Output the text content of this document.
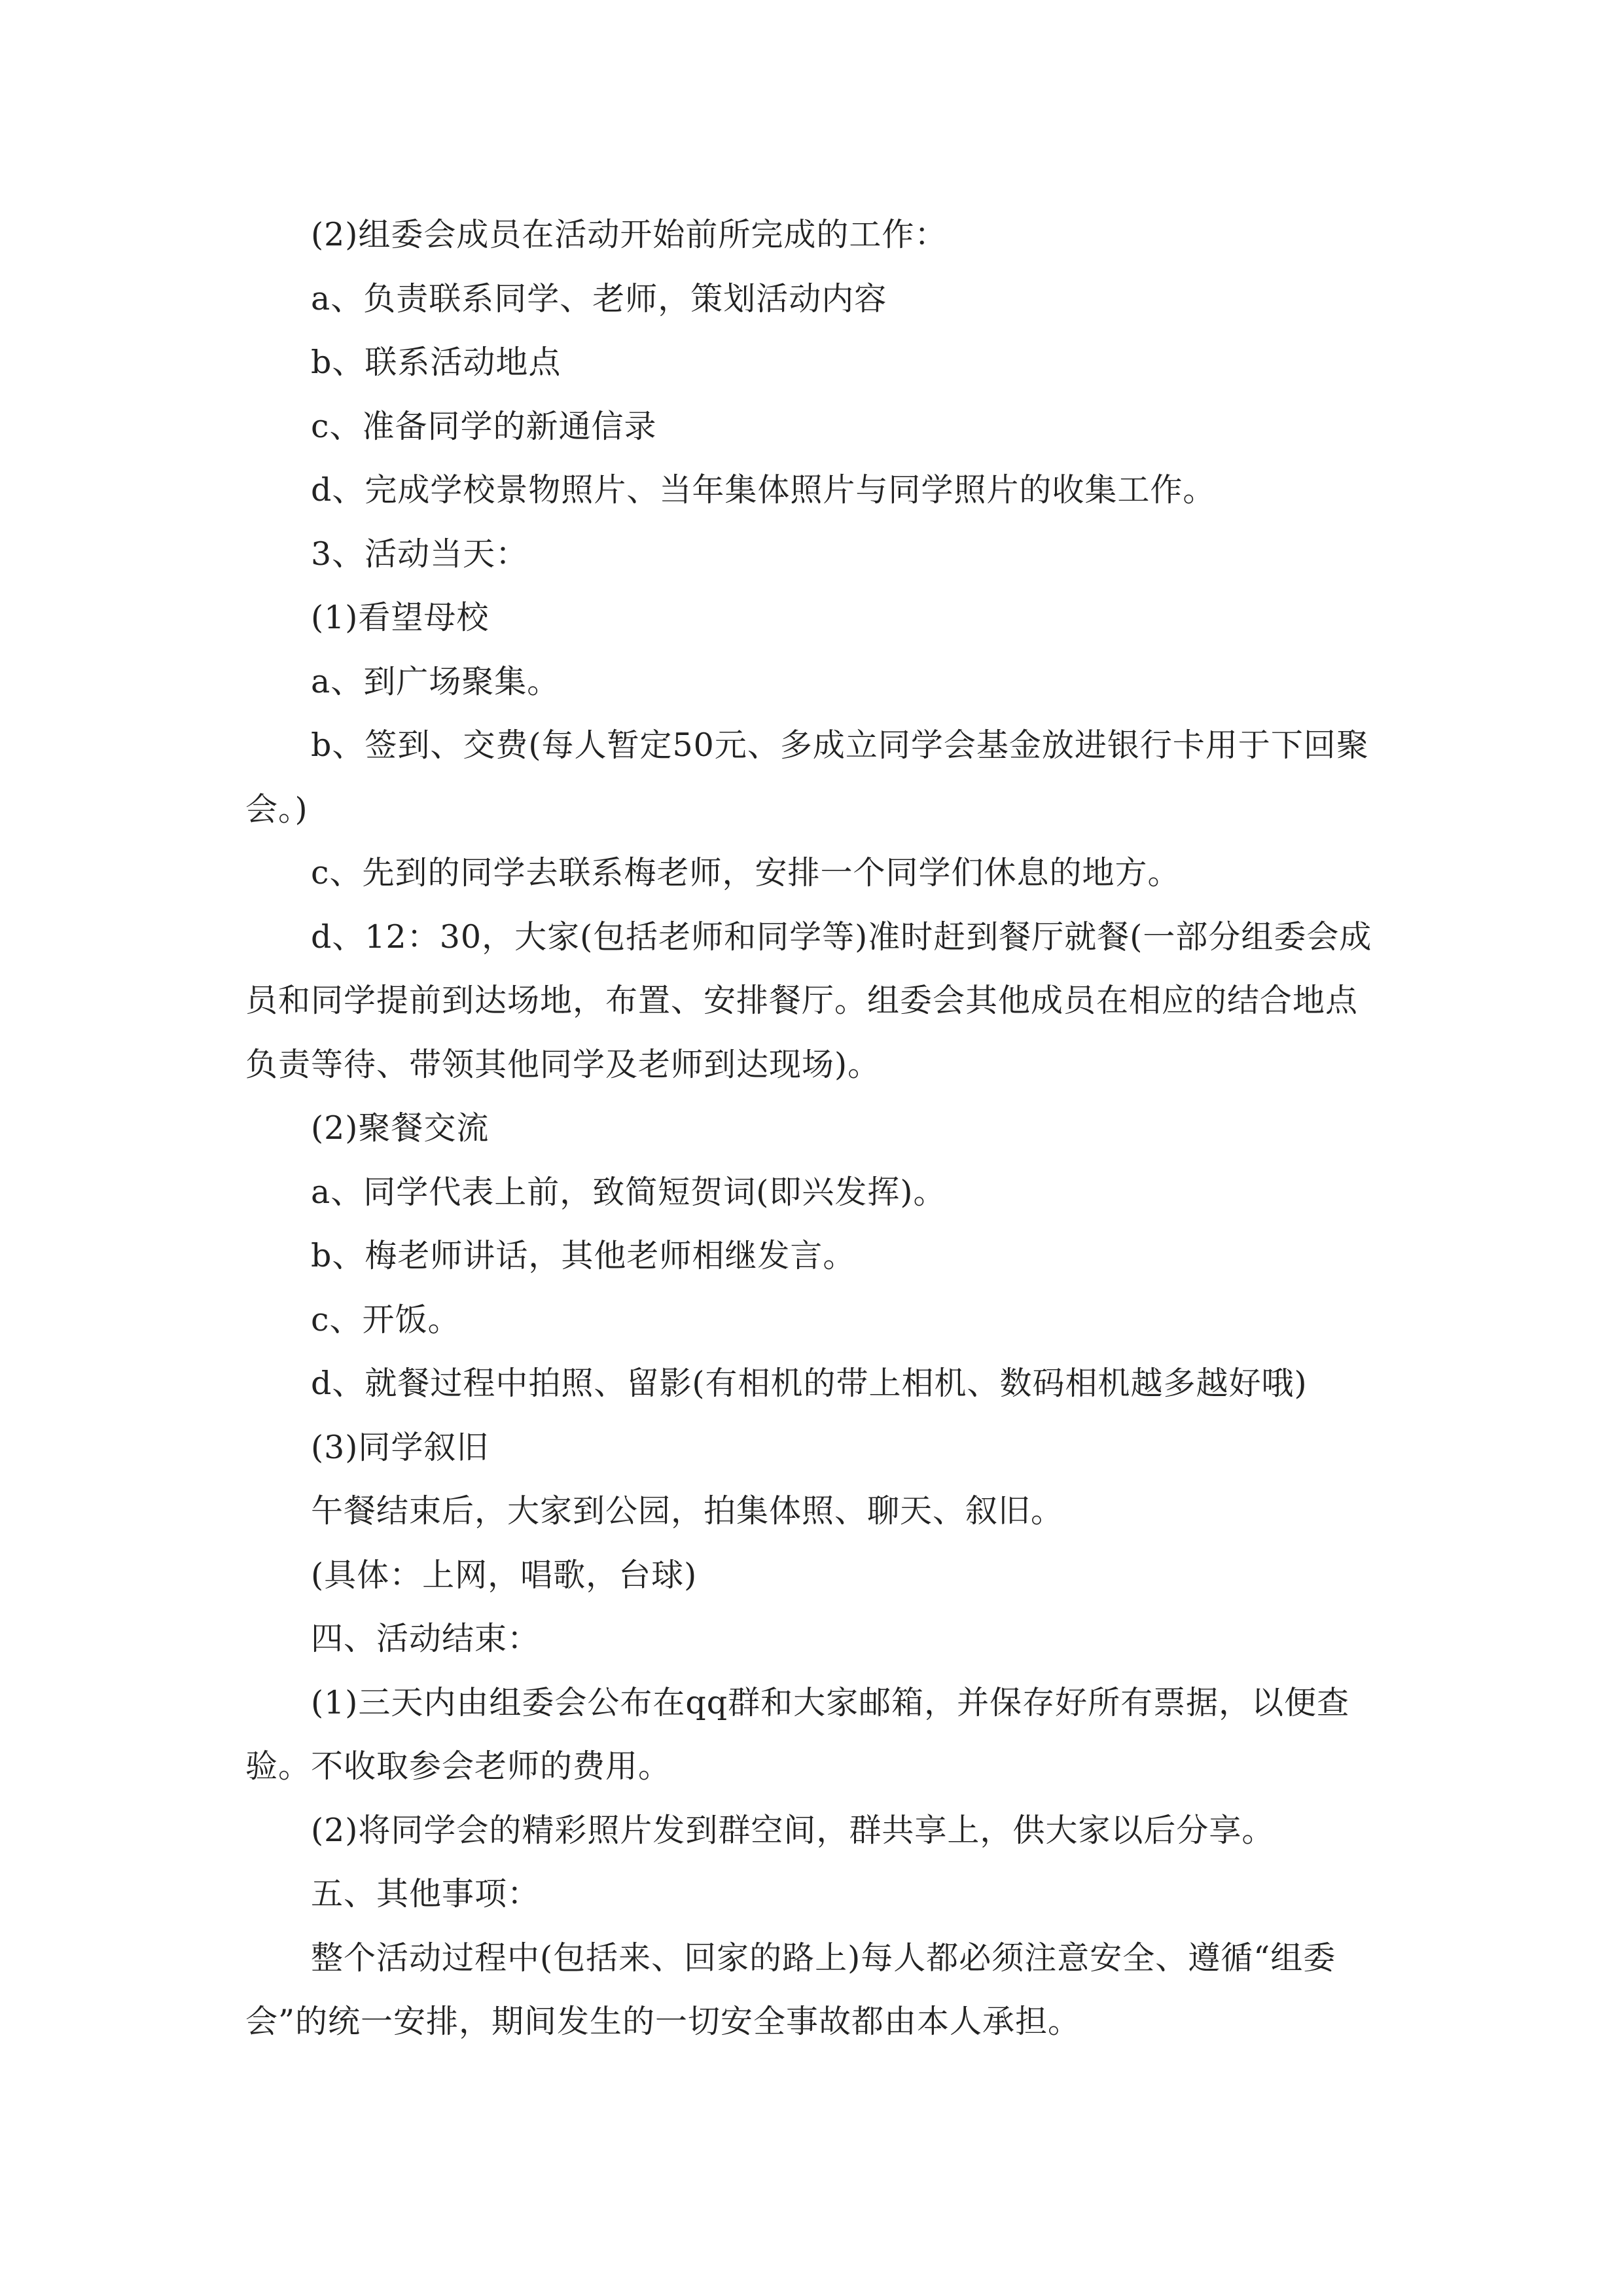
(2)组委会成员在活动开始前所完成的工作：

a、负责联系同学、老师，策划活动内容

b、联系活动地点

c、准备同学的新通信录

d、完成学校景物照片、当年集体照片与同学照片的收集工作。

3、活动当天：

(1)看望母校

a、到广场聚集。

b、签到、交费(每人暂定50元、多成立同学会基金放进银行卡用于下回聚会。)

c、先到的同学去联系梅老师，安排一个同学们休息的地方。

d、12：30，大家(包括老师和同学等)准时赶到餐厅就餐(一部分组委会成员和同学提前到达场地，布置、安排餐厅。组委会其他成员在相应的结合地点负责等待、带领其他同学及老师到达现场)。

(2)聚餐交流

a、同学代表上前，致简短贺词(即兴发挥)。

b、梅老师讲话，其他老师相继发言。

c、开饭。

d、就餐过程中拍照、留影(有相机的带上相机、数码相机越多越好哦)

(3)同学叙旧

午餐结束后，大家到公园，拍集体照、聊天、叙旧。

(具体：上网，唱歌，台球)

四、活动结束：

(1)三天内由组委会公布在qq群和大家邮箱，并保存好所有票据，以便查验。不收取参会老师的费用。

(2)将同学会的精彩照片发到群空间，群共享上，供大家以后分享。

五、其他事项：

整个活动过程中(包括来、回家的路上)每人都必须注意安全、遵循“组委会”的统一安排，期间发生的一切安全事故都由本人承担。
